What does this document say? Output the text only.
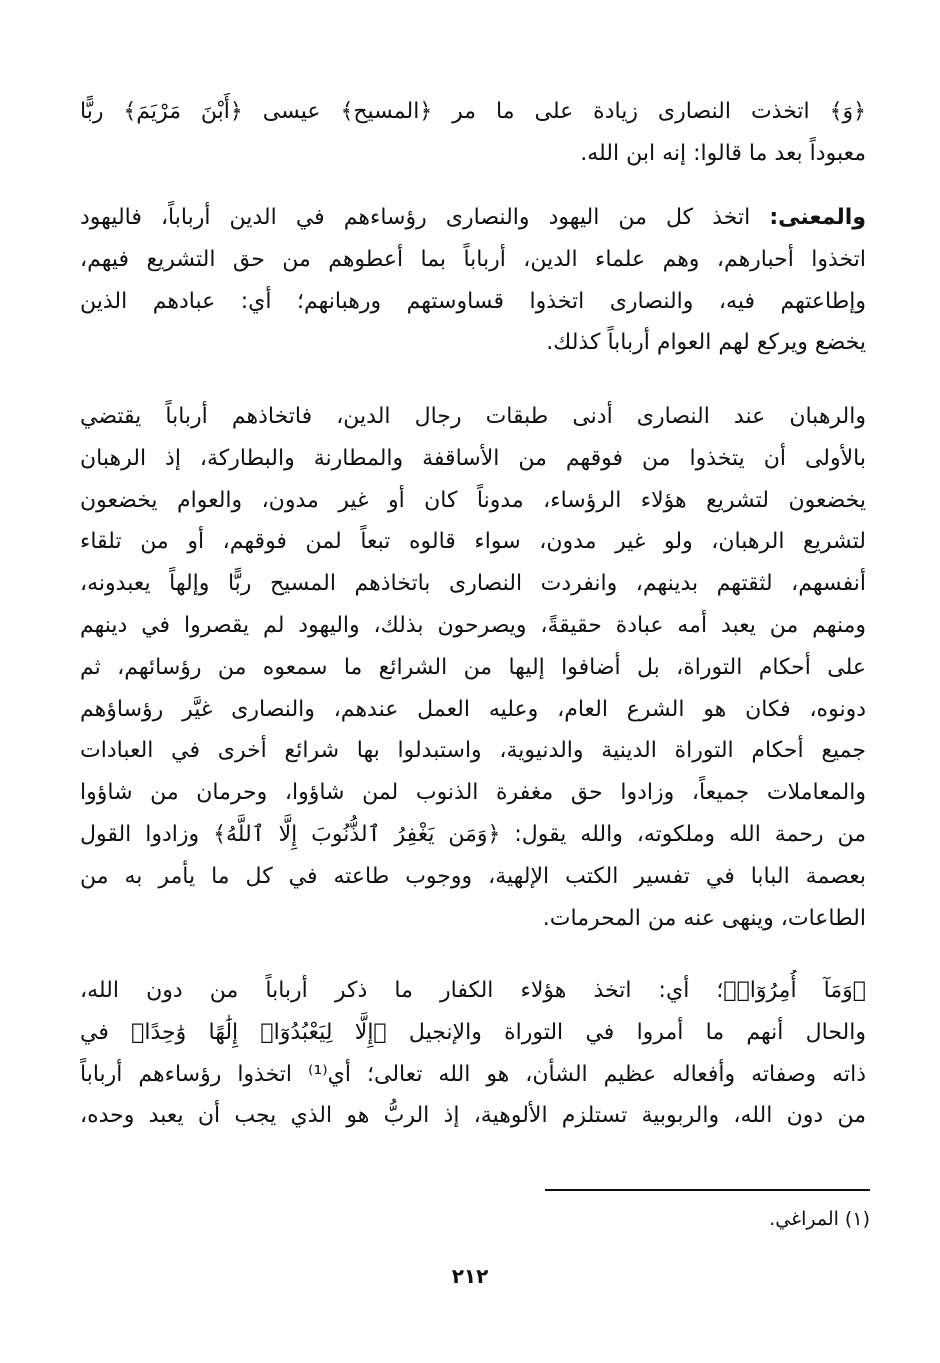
﴿وَ﴾ اتخذت النصارى زيادة على ما مر ﴿المسيح﴾ عيسى ﴿أَبْنَ مَرْيَمَ﴾ ربًّا
معبوداً بعد ما قالوا: إنه ابن الله.
والمعنى: اتخذ كل من اليهود والنصارى رؤساءهم في الدين أرباباً، فاليهود
اتخذوا أحبارهم، وهم علماء الدين، أرباباً بما أعطوهم من حق التشريع فيهم،
وإطاعتهم فيه، والنصارى اتخذوا قساوستهم ورهبانهم؛ أي: عبادهم الذين
يخضع ويركع لهم العوام أرباباً كذلك.
والرهبان عند النصارى أدنى طبقات رجال الدين، فاتخاذهم أرباباً يقتضي
بالأولى أن يتخذوا من فوقهم من الأساقفة والمطارنة والبطاركة، إذ الرهبان
يخضعون لتشريع هؤلاء الرؤساء، مدوناً كان أو غير مدون، والعوام يخضعون
لتشريع الرهبان، ولو غير مدون، سواء قالوه تبعاً لمن فوقهم، أو من تلقاء
أنفسهم، لثقتهم بدينهم، وانفردت النصارى باتخاذهم المسيح ربًّا وإلهاً يعبدونه،
ومنهم من يعبد أمه عبادة حقيقةً، ويصرحون بذلك، واليهود لم يقصروا في دينهم
على أحكام التوراة، بل أضافوا إليها من الشرائع ما سمعوه من رؤسائهم، ثم
دونوه، فكان هو الشرع العام، وعليه العمل عندهم، والنصارى غيَّر رؤساؤهم
جميع أحكام التوراة الدينية والدنيوية، واستبدلوا بها شرائع أخرى في العبادات
والمعاملات جميعاً، وزادوا حق مغفرة الذنوب لمن شاؤوا، وحرمان من شاؤوا
من رحمة الله وملكوته، والله يقول: ﴿وَمَن يَغْفِرُ ٱلذُّنُوبَ إِلَّا ٱللَّهُ﴾ وزادوا القول
بعصمة البابا في تفسير الكتب الإلهية، ووجوب طاعته في كل ما يأمر به من
الطاعات، وينهى عنه من المحرمات.
﴿وَمَآ أُمِرُوٓا۟﴾؛ أي: اتخذ هؤلاء الكفار ما ذكر أرباباً من دون الله،
والحال أنهم ما أمروا في التوراة والإنجيل ﴿إِلَّا لِيَعْبُدُوٓا۟ إِلَٰهًا وَٰحِدًا﴾ في
ذاته وصفاته وأفعاله عظيم الشأن، هو الله تعالى؛ أي⁽¹⁾ اتخذوا رؤساءهم أرباباً
من دون الله، والربوبية تستلزم الألوهية، إذ الربُّ هو الذي يجب أن يعبد وحده،
(١) المراغي.
٢١٢
